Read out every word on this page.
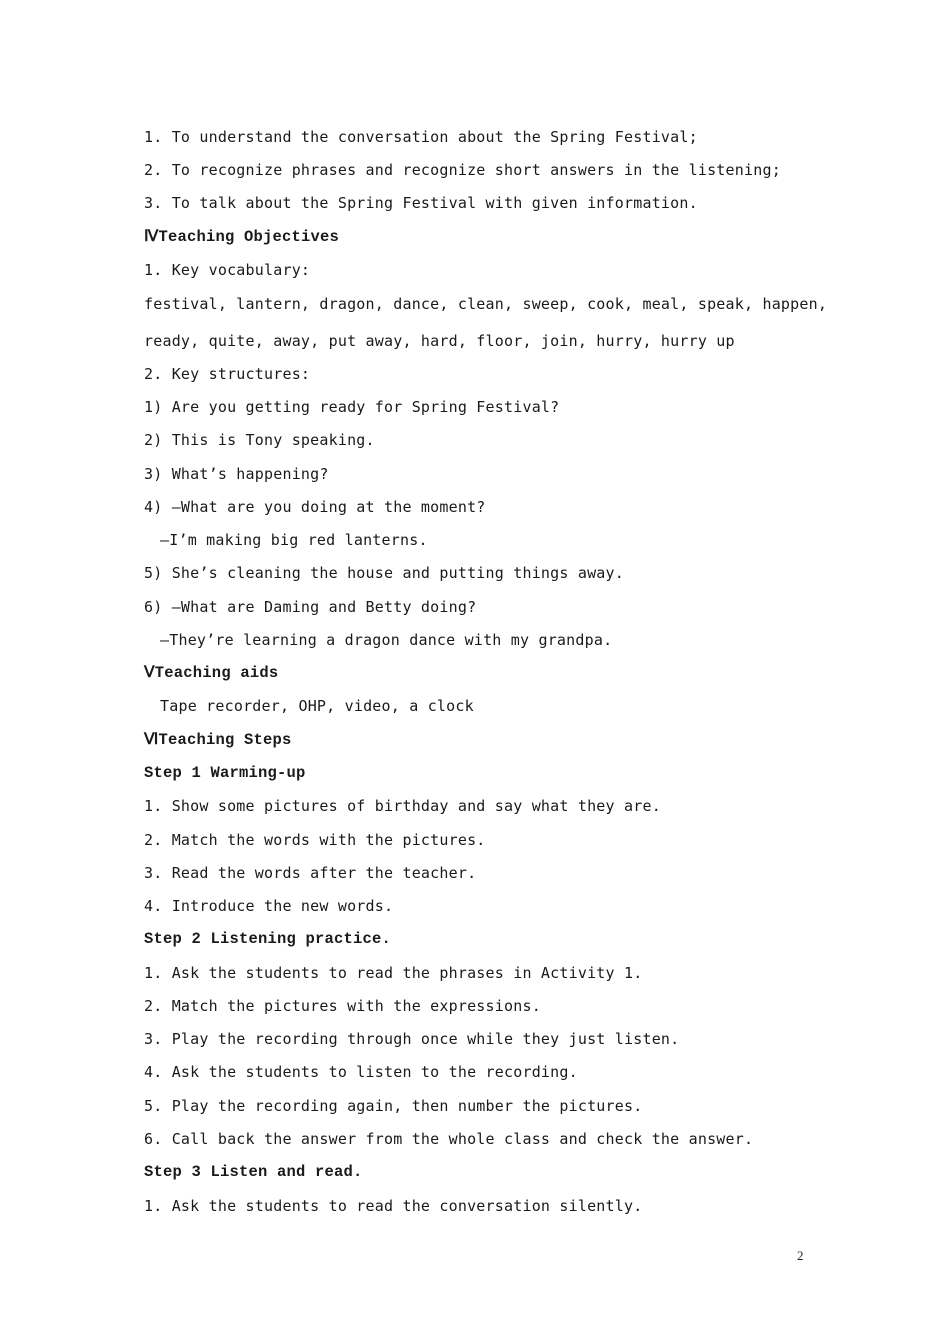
1. To understand the conversation about the Spring Festival;
2. To recognize phrases and recognize short answers in the listening;
3. To talk about the Spring Festival with given information.
ⅣTeaching Objectives
1. Key vocabulary:
festival, lantern, dragon, dance, clean, sweep, cook, meal, speak, happen,
ready, quite, away, put away, hard, floor, join, hurry, hurry up
2. Key structures:
1) Are you getting ready for Spring Festival?
2) This is Tony speaking.
3) What’s happening?
4) —What are you doing at the moment?
—I’m making big red lanterns.
5) She’s cleaning the house and putting things away.
6) —What are Daming and Betty doing?
—They’re learning a dragon dance with my grandpa.
ⅤTeaching aids
Tape recorder, OHP, video, a clock
ⅥTeaching Steps
Step 1 Warming-up
1. Show some pictures of birthday and say what they are.
2. Match the words with the pictures.
3. Read the words after the teacher.
4. Introduce the new words.
Step 2 Listening practice.
1. Ask the students to read the phrases in Activity 1.
2. Match the pictures with the expressions.
3. Play the recording through once while they just listen.
4. Ask the students to listen to the recording.
5. Play the recording again, then number the pictures.
6. Call back the answer from the whole class and check the answer.
Step 3 Listen and read.
1. Ask the students to read the conversation silently.
2
